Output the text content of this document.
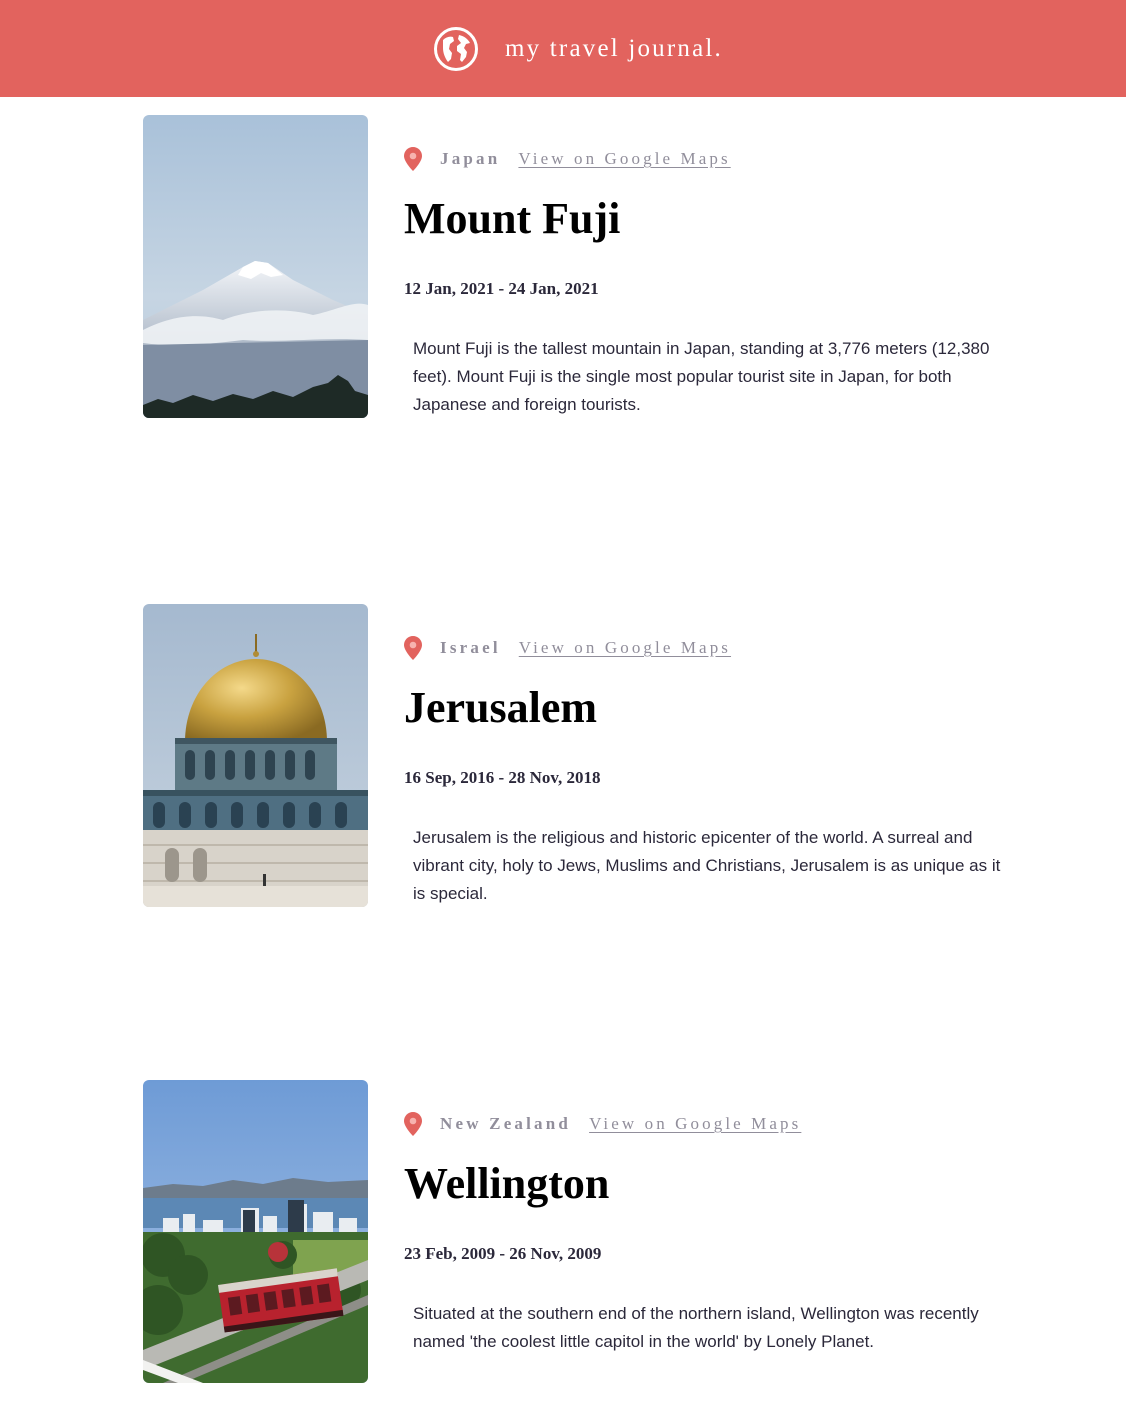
my travel journal.
Japan View on Google Maps
Mount Fuji
12 Jan, 2021 - 24 Jan, 2021

Mount Fuji is the tallest mountain in Japan, standing at 3,776 meters (12,380 feet). Mount Fuji is the single most popular tourist site in Japan, for both Japanese and foreign tourists.

Israel View on Google Maps
Jerusalem
16 Sep, 2016 - 28 Nov, 2018

Jerusalem is the religious and historic epicenter of the world. A surreal and vibrant city, holy to Jews, Muslims and Christians, Jerusalem is as unique as it is special.

New Zealand View on Google Maps
Wellington
23 Feb, 2009 - 26 Nov, 2009

Situated at the southern end of the northern island, Wellington was recently named 'the coolest little capitol in the world' by Lonely Planet.
